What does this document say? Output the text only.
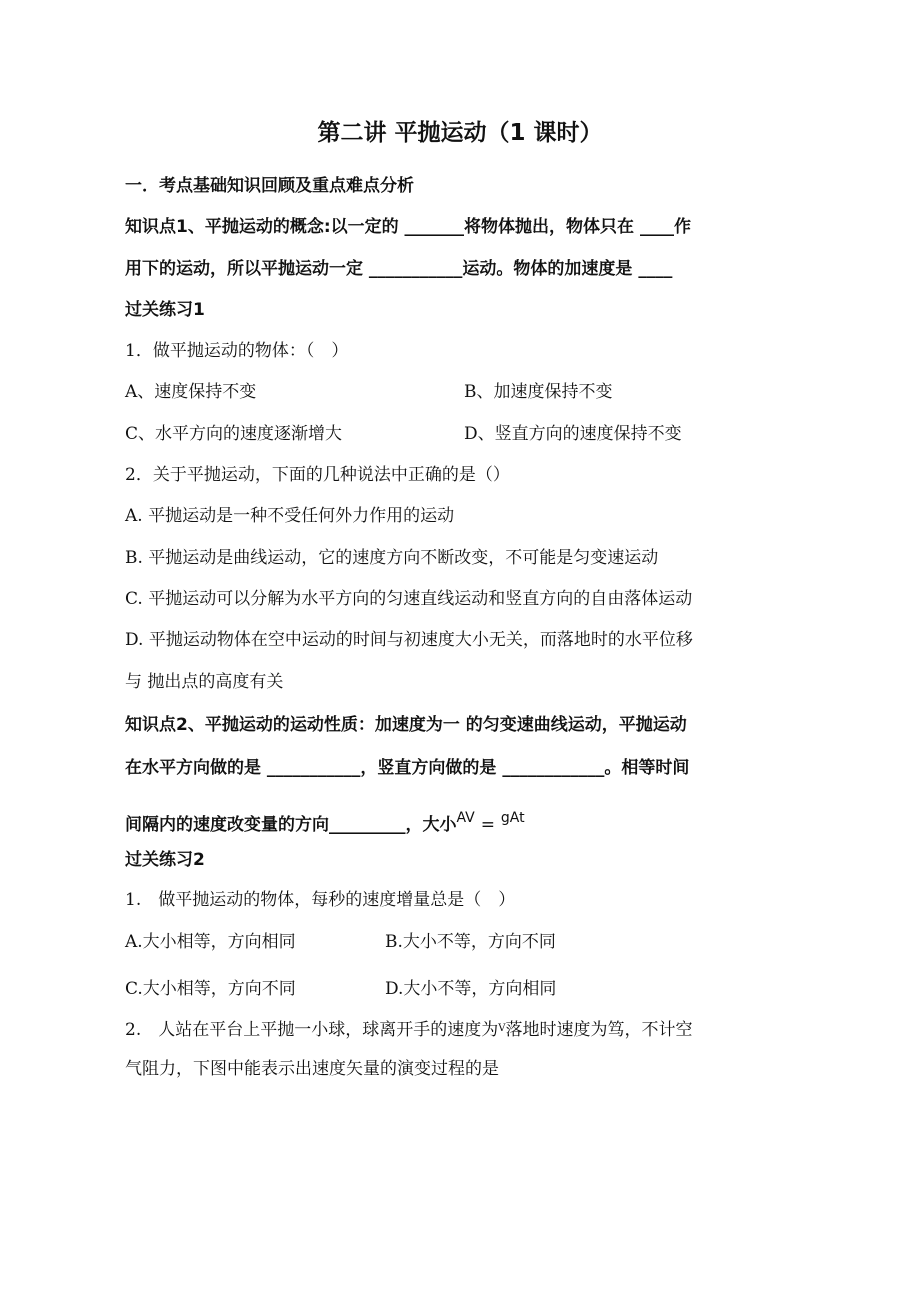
第二讲 平抛运动（1 课时）
一．考点基础知识回顾及重点难点分析
知识点1、平抛运动的概念:以一定的 _______将物体抛出，物体只在 ____作
用下的运动，所以平抛运动一定 ___________运动。物体的加速度是 ____
过关练习1
1．做平抛运动的物体：（　）
A、速度保持不变	B、加速度保持不变
C、水平方向的速度逐渐增大	D、竖直方向的速度保持不变
2．关于平抛运动，下面的几种说法中正确的是（）
A. 平抛运动是一种不受任何外力作用的运动
B. 平抛运动是曲线运动，它的速度方向不断改变，不可能是匀变速运动
C. 平抛运动可以分解为水平方向的匀速直线运动和竖直方向的自由落体运动
D. 平抛运动物体在空中运动的时间与初速度大小无关，而落地时的水平位移
与 抛出点的高度有关
知识点2、平抛运动的运动性质：加速度为一 的匀变速曲线运动，平抛运动
在水平方向做的是 ___________，竖直方向做的是 ____________。相等时间
间隔内的速度改变量的方向_________，大小$^{AV}$ = $^{gAt}$
过关练习2
1.　做平抛运动的物体，每秒的速度增量总是（　）
A.大小相等，方向相同	B.大小不等，方向不同
C.大小相等，方向不同	D.大小不等，方向相同
2.　人站在平台上平抛一小球，球离开手的速度为$^V$落地时速度为笃，不计空
气阻力，下图中能表示出速度矢量的演变过程的是
